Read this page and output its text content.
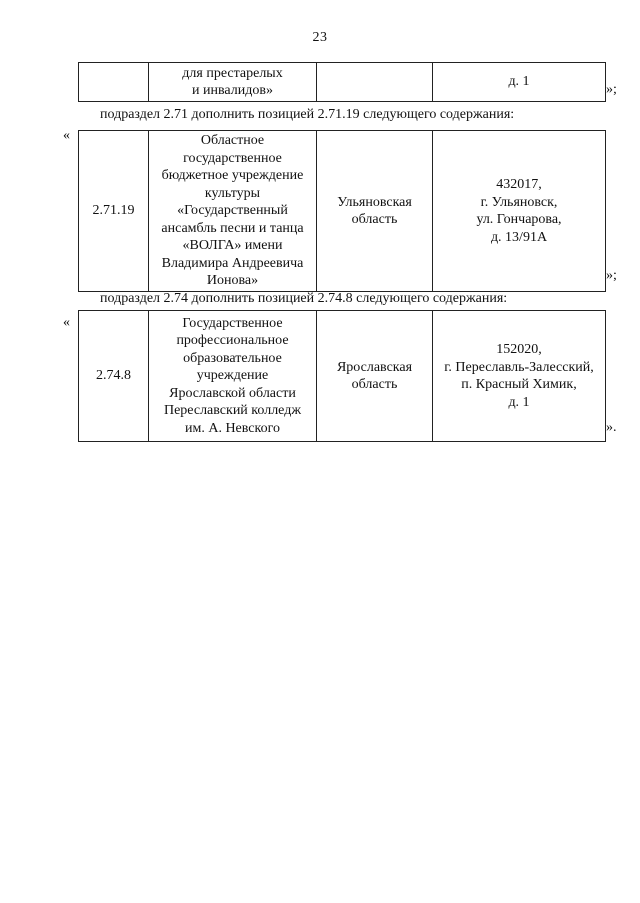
23
	для престарелых
и инвалидов»		д. 1
»;
подраздел 2.71 дополнить позицией 2.71.19 следующего содержания:
«
2.71.19	Областное
государственное
бюджетное учреждение
культуры
«Государственный
ансамбль песни и танца
«ВОЛГА» имени
Владимира Андреевича
Ионова»	Ульяновская
область	432017,
г. Ульяновск,
ул. Гончарова,
д. 13/91А
»;
подраздел 2.74 дополнить позицией 2.74.8 следующего содержания:
«
2.74.8	Государственное
профессиональное
образовательное
учреждение
Ярославской области
Переславский колледж
им. А. Невского	Ярославская
область	152020,
г. Переславль-Залесский,
п. Красный Химик,
д. 1
».
